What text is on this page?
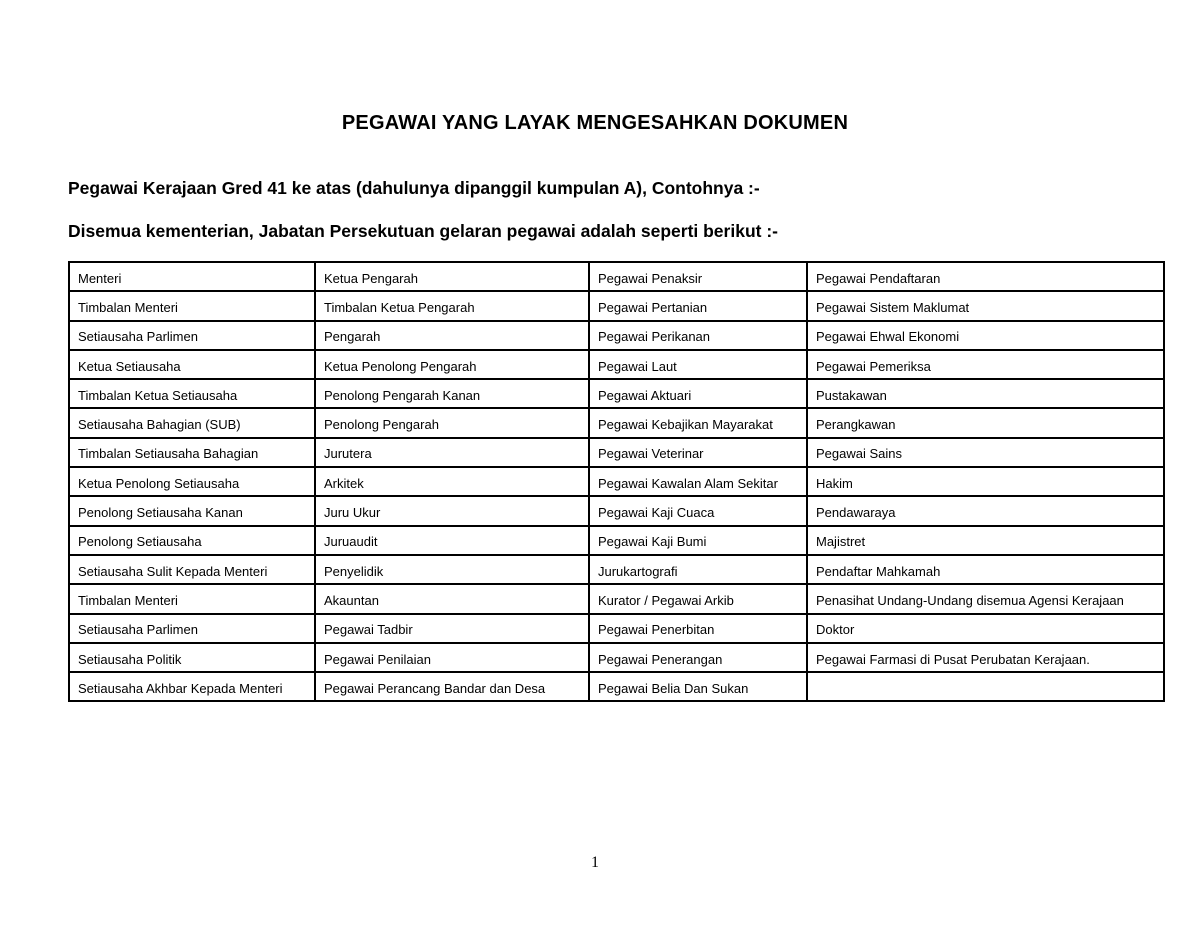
PEGAWAI YANG LAYAK MENGESAHKAN DOKUMEN
Pegawai Kerajaan Gred 41 ke atas (dahulunya dipanggil kumpulan A), Contohnya :-
Disemua kementerian, Jabatan Persekutuan gelaran pegawai adalah seperti berikut :-
Menteri	Ketua Pengarah	Pegawai Penaksir	Pegawai Pendaftaran
Timbalan Menteri	Timbalan Ketua Pengarah	Pegawai Pertanian	Pegawai Sistem Maklumat
Setiausaha Parlimen	Pengarah	Pegawai Perikanan	Pegawai Ehwal Ekonomi
Ketua Setiausaha	Ketua Penolong Pengarah	Pegawai Laut	Pegawai Pemeriksa
Timbalan Ketua Setiausaha	Penolong Pengarah Kanan	Pegawai Aktuari	Pustakawan
Setiausaha Bahagian (SUB)	Penolong Pengarah	Pegawai Kebajikan Mayarakat	Perangkawan
Timbalan Setiausaha Bahagian	Jurutera	Pegawai Veterinar	Pegawai Sains
Ketua Penolong Setiausaha	Arkitek	Pegawai Kawalan Alam Sekitar	Hakim
Penolong Setiausaha Kanan	Juru Ukur	Pegawai Kaji Cuaca	Pendawaraya
Penolong Setiausaha	Juruaudit	Pegawai Kaji Bumi	Majistret
Setiausaha Sulit Kepada Menteri	Penyelidik	Jurukartografi	Pendaftar Mahkamah
Timbalan Menteri	Akauntan	Kurator / Pegawai Arkib	Penasihat Undang-Undang disemua Agensi Kerajaan
Setiausaha Parlimen	Pegawai Tadbir	Pegawai Penerbitan	Doktor
Setiausaha Politik	Pegawai Penilaian	Pegawai Penerangan	Pegawai Farmasi di Pusat Perubatan Kerajaan.
Setiausaha Akhbar Kepada Menteri	Pegawai Perancang Bandar dan Desa	Pegawai Belia Dan Sukan	
1
